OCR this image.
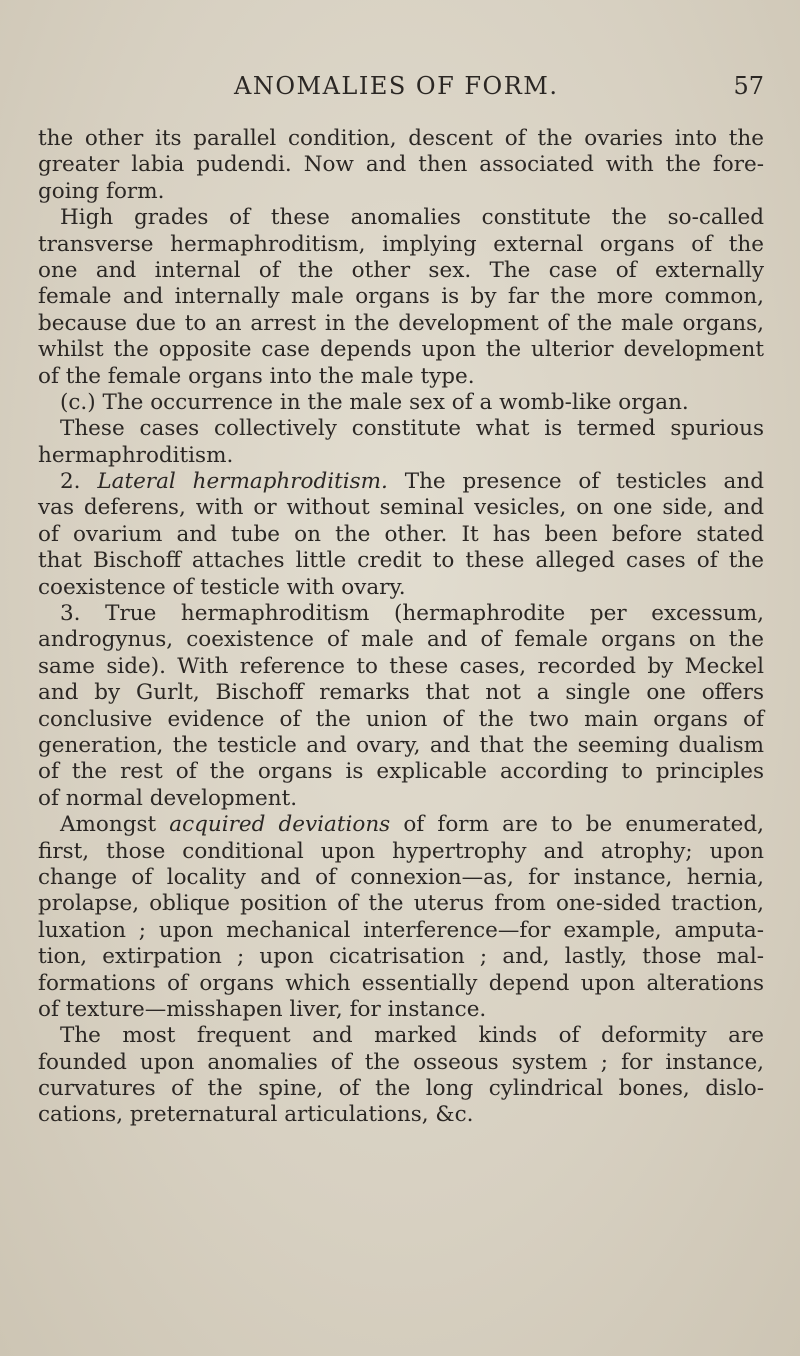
ANOMALIES OF FORM.	57
the other its parallel condition, descent of the ovaries into the
greater labia pudendi. Now and then associated with the fore-
going form.
High grades of these anomalies constitute the so-called
transverse hermaphroditism, implying external organs of the
one and internal of the other sex. The case of externally
female and internally male organs is by far the more common,
because due to an arrest in the development of the male organs,
whilst the opposite case depends upon the ulterior development
of the female organs into the male type.
(c.) The occurrence in the male sex of a womb-like organ.
These cases collectively constitute what is termed spurious
hermaphroditism.
2. Lateral hermaphroditism. The presence of testicles and
vas deferens, with or without seminal vesicles, on one side, and
of ovarium and tube on the other. It has been before stated
that Bischoff attaches little credit to these alleged cases of the
coexistence of testicle with ovary.
3. True hermaphroditism (hermaphrodite per excessum,
androgynus, coexistence of male and of female organs on the
same side). With reference to these cases, recorded by Meckel
and by Gurlt, Bischoff remarks that not a single one offers
conclusive evidence of the union of the two main organs of
generation, the testicle and ovary, and that the seeming dualism
of the rest of the organs is explicable according to principles
of normal development.
Amongst acquired deviations of form are to be enumerated,
first, those conditional upon hypertrophy and atrophy; upon
change of locality and of connexion—as, for instance, hernia,
prolapse, oblique position of the uterus from one-sided traction,
luxation ; upon mechanical interference—for example, amputa-
tion, extirpation ; upon cicatrisation ; and, lastly, those mal-
formations of organs which essentially depend upon alterations
of texture—misshapen liver, for instance.
The most frequent and marked kinds of deformity are
founded upon anomalies of the osseous system ; for instance,
curvatures of the spine, of the long cylindrical bones, dislo-
cations, preternatural articulations, &c.
